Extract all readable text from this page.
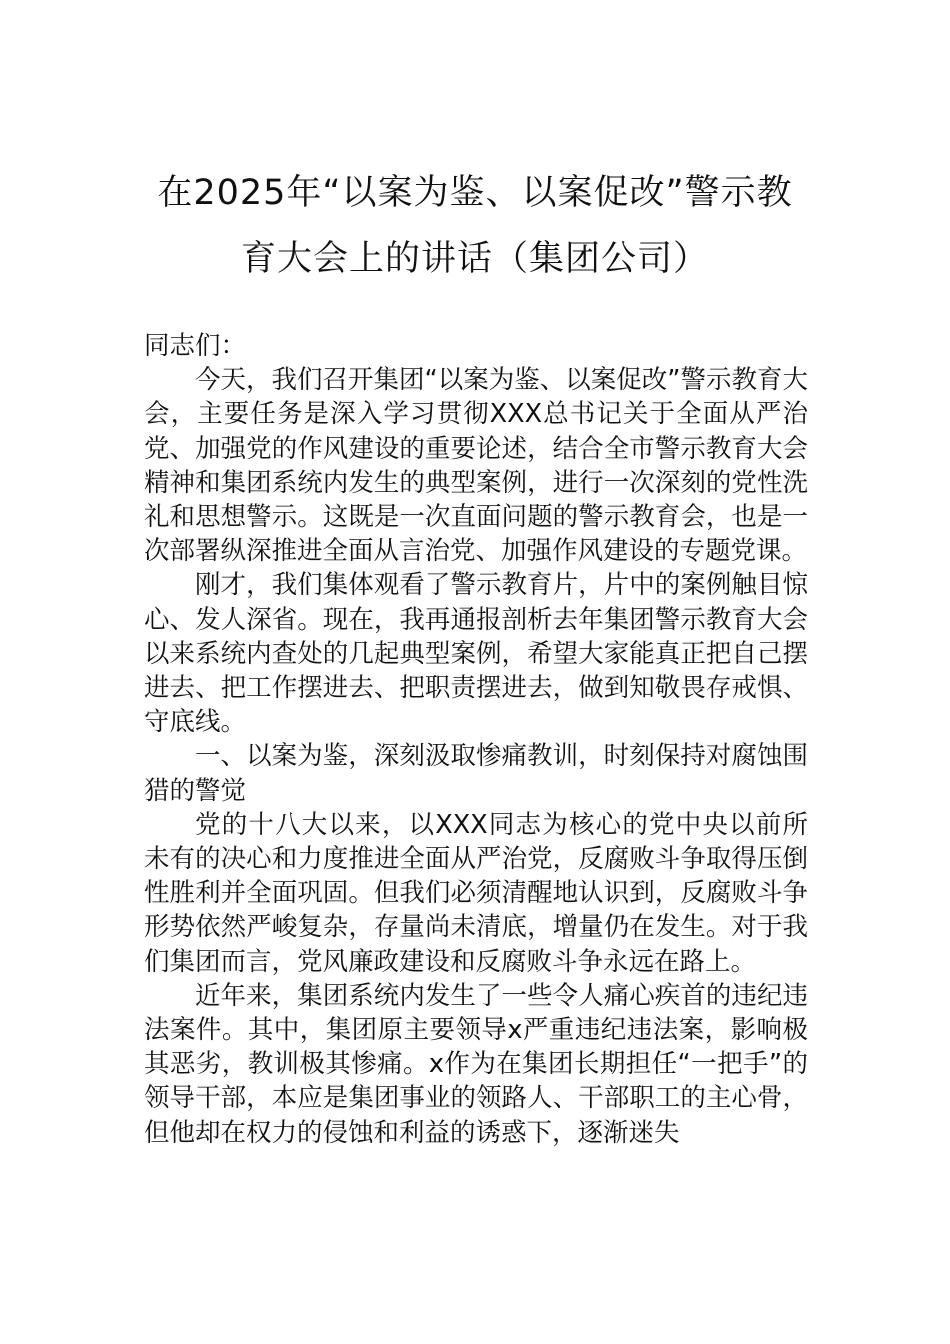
在2025年“以案为鉴、以案促改”警示教
育大会上的讲话（集团公司）

同志们：

今天，我们召开集团“以案为鉴、以案促改”警示教育大会，主要任务是深入学习贯彻XXX总书记关于全面从严治党、加强党的作风建设的重要论述，结合全市警示教育大会精神和集团系统内发生的典型案例，进行一次深刻的党性洗礼和思想警示。这既是一次直面问题的警示教育会，也是一次部署纵深推进全面从言治党、加强作风建设的专题党课。

刚才，我们集体观看了警示教育片，片中的案例触目惊心、发人深省。现在，我再通报剖析去年集团警示教育大会以来系统内查处的几起典型案例，希望大家能真正把自己摆进去、把工作摆进去、把职责摆进去，做到知敬畏存戒惧、守底线。

一、以案为鉴，深刻汲取惨痛教训，时刻保持对腐蚀围猎的警觉

党的十八大以来，以XXX同志为核心的党中央以前所未有的决心和力度推进全面从严治党，反腐败斗争取得压倒性胜利并全面巩固。但我们必须清醒地认识到，反腐败斗争形势依然严峻复杂，存量尚未清底，增量仍在发生。对于我们集团而言，党风廉政建设和反腐败斗争永远在路上。

近年来，集团系统内发生了一些令人痛心疾首的违纪违法案件。其中，集团原主要领导x严重违纪违法案，影响极其恶劣，教训极其惨痛。x作为在集团长期担任“一把手”的领导干部，本应是集团事业的领路人、干部职工的主心骨，但他却在权力的侵蚀和利益的诱惑下，逐渐迷失
